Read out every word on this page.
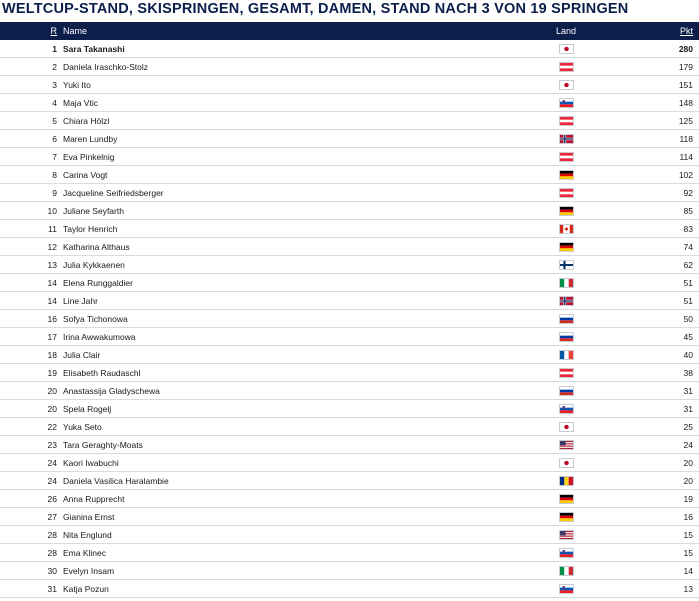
WELTCUP-STAND, SKISPRINGEN, GESAMT, DAMEN, STAND NACH 3 VON 19 SPRINGEN
R Name	Land	Pkt
1 Sara Takanashi	280
2 Daniela Iraschko-Stolz	179
3 Yuki Ito	151
4 Maja Vtic	148
5 Chiara Hölzl	125
6 Maren Lundby	118
7 Eva Pinkelnig	114
8 Carina Vogt	102
9 Jacqueline Seifriedsberger	92
10 Juliane Seyfarth	85
11 Taylor Henrich	83
12 Katharina Althaus	74
13 Julia Kykkaenen	62
14 Elena Runggaldier	51
14 Line Jahr	51
16 Sofya Tichonowa	50
17 Irina Awwakumowa	45
18 Julia Clair	40
19 Elisabeth Raudaschl	38
20 Anastassija Gladyschewa	31
20 Spela Rogelj	31
22 Yuka Seto	25
23 Tara Geraghty-Moats	24
24 Kaori Iwabuchi	20
24 Daniela Vasilica Haralambie	20
26 Anna Rupprecht	19
27 Gianina Ernst	16
28 Nita Englund	15
28 Ema Klinec	15
30 Evelyn Insam	14
31 Katja Pozun	13
